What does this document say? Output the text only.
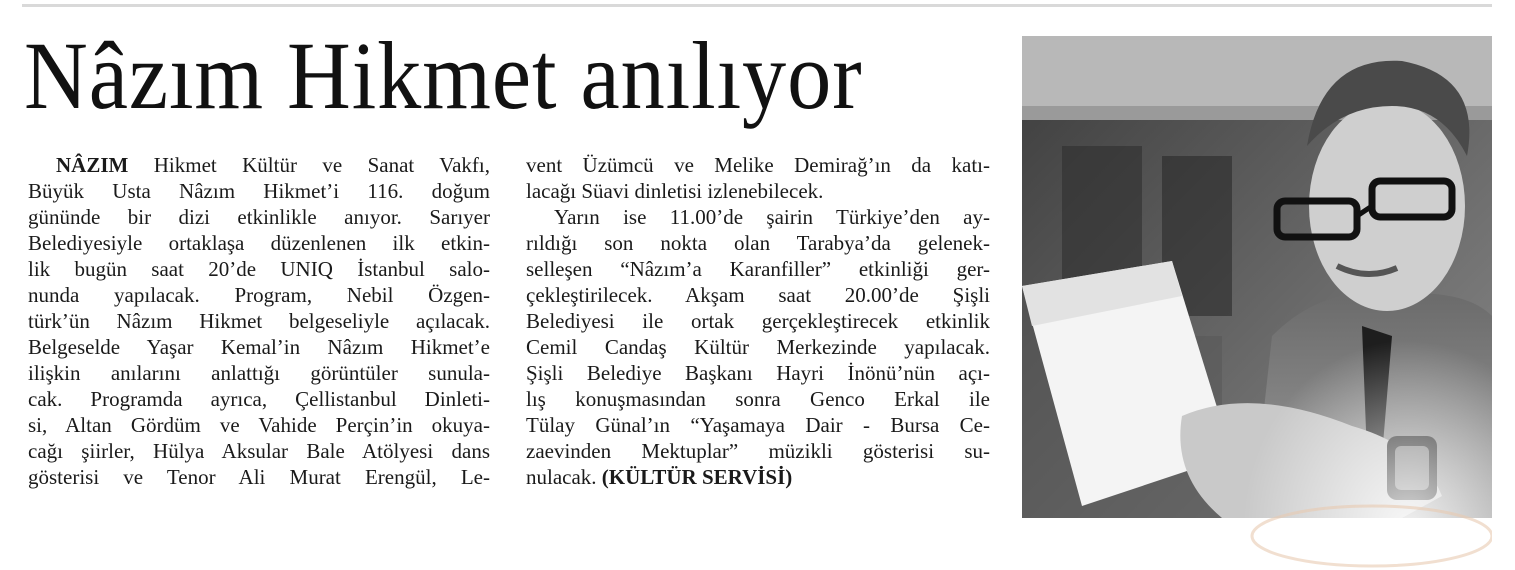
Nâzım Hikmet anılıyor
NÂZIM Hikmet Kültür ve Sanat Vakfı,
Büyük Usta Nâzım Hikmet’i 116. doğum
gününde bir dizi etkinlikle anıyor. Sarıyer
Belediyesiyle ortaklaşa düzenlenen ilk etkin-
lik bugün saat 20’de UNIQ İstanbul salo-
nunda yapılacak. Program, Nebil Özgen-
türk’ün Nâzım Hikmet belgeseliyle açılacak.
Belgeselde Yaşar Kemal’in Nâzım Hikmet’e
ilişkin anılarını anlattığı görüntüler sunula-
cak. Programda ayrıca, Çellistanbul Dinleti-
si, Altan Gördüm ve Vahide Perçin’in okuya-
cağı şiirler, Hülya Aksular Bale Atölyesi dans
gösterisi ve Tenor Ali Murat Erengül, Le-
vent Üzümcü ve Melike Demirağ’ın da katı-
lacağı Süavi dinletisi izlenebilecek.
Yarın ise 11.00’de şairin Türkiye’den ay-
rıldığı son nokta olan Tarabya’da gelenek-
selleşen “Nâzım’a Karanfiller” etkinliği ger-
çekleştirilecek. Akşam saat 20.00’de Şişli
Belediyesi ile ortak gerçekleştirecek etkinlik
Cemil Candaş Kültür Merkezinde yapılacak.
Şişli Belediye Başkanı Hayri İnönü’nün açı-
lış konuşmasından sonra Genco Erkal ile
Tülay Günal’ın “Yaşamaya Dair - Bursa Ce-
zaevinden Mektuplar” müzikli gösterisi su-
nulacak. (KÜLTÜR SERVİSİ)
